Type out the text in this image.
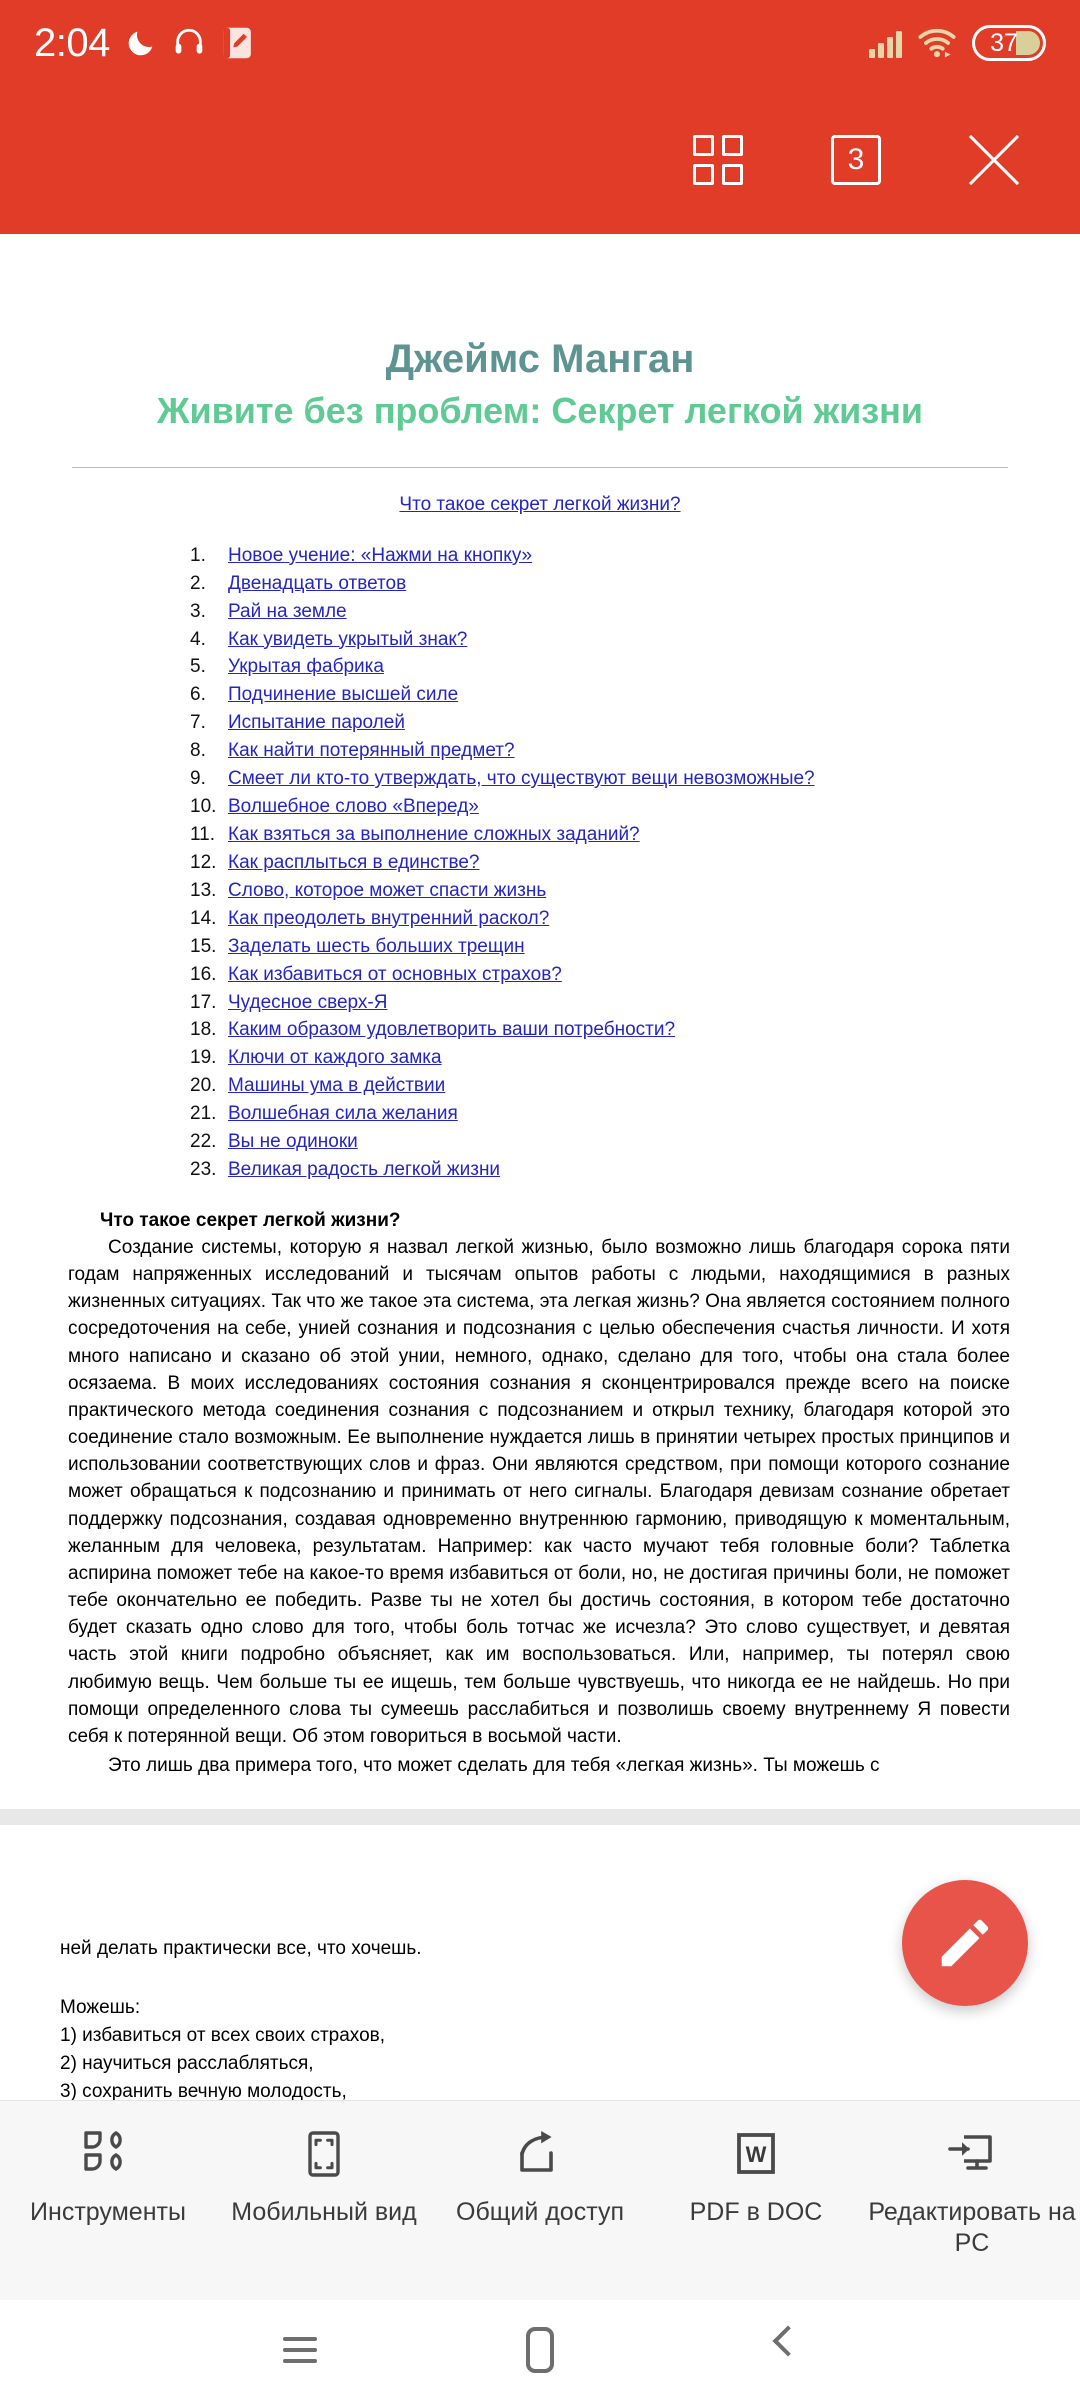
2:04	37
3
Джеймс Манган
Живите без проблем: Секрет легкой жизни
Что такое секрет легкой жизни?
1.	Новое учение: «Нажми на кнопку»
2.	Двенадцать ответов
3.	Рай на земле
4.	Как увидеть укрытый знак?
5.	Укрытая фабрика
6.	Подчинение высшей силе
7.	Испытание паролей
8.	Как найти потерянный предмет?
9.	Смеет ли кто-то утверждать, что существуют вещи невозможные?
10. Волшебное слово «Вперед»
11. Как взяться за выполнение сложных заданий?
12. Как расплыться в единстве?
13. Слово, которое может спасти жизнь
14. Как преодолеть внутренний раскол?
15. Заделать шесть больших трещин
16. Как избавиться от основных страхов?
17. Чудесное сверх-Я
18. Каким образом удовлетворить ваши потребности?
19. Ключи от каждого замка
20. Машины ума в действии
21. Волшебная сила желания
22. Вы не одиноки
23. Великая радость легкой жизни
Что такое секрет легкой жизни?
Создание системы, которую я назвал легкой жизнью, было возможно лишь благодаря сорока пяти годам напряженных исследований и тысячам опытов работы с людьми, находящимися в разных жизненных ситуациях. Так что же такое эта система, эта легкая жизнь? Она является состоянием полного сосредоточения на себе, унией сознания и подсознания с целью обеспечения счастья личности. И хотя много написано и сказано об этой унии, немного, однако, сделано для того, чтобы она стала более осязаема. В моих исследованиях состояния сознания я сконцентрировался прежде всего на поиске практического метода соединения сознания с подсознанием и открыл технику, благодаря которой это соединение стало возможным. Ее выполнение нуждается лишь в принятии четырех простых принципов и использовании соответствующих слов и фраз. Они являются средством, при помощи которого сознание может обращаться к подсознанию и принимать от него сигналы. Благодаря девизам сознание обретает поддержку подсознания, создавая одновременно внутреннюю гармонию, приводящую к моментальным, желанным для человека, результатам. Например: как часто мучают тебя головные боли? Таблетка аспирина поможет тебе на какое-то время избавиться от боли, но, не достигая причины боли, не поможет тебе окончательно ее победить. Разве ты не хотел бы достичь состояния, в котором тебе достаточно будет сказать одно слово для того, чтобы боль тотчас же исчезла? Это слово существует, и девятая часть этой книги подробно объясняет, как им воспользоваться. Или, например, ты потерял свою любимую вещь. Чем больше ты ее ищешь, тем больше чувствуешь, что никогда ее не найдешь. Но при помощи определенного слова ты сумеешь расслабиться и позволишь своему внутреннему Я повести себя к потерянной вещи. Об этом говориться в восьмой части.
Это лишь два примера того, что может сделать для тебя «легкая жизнь». Ты можешь с
ней делать практически все, что хочешь.
Можешь:
1) избавиться от всех своих страхов,
2) научиться расслабляться,
3) сохранить вечную молодость,
Инструменты Мобильный вид Общий доступ
W
PDF в DOC Редактировать на PC
